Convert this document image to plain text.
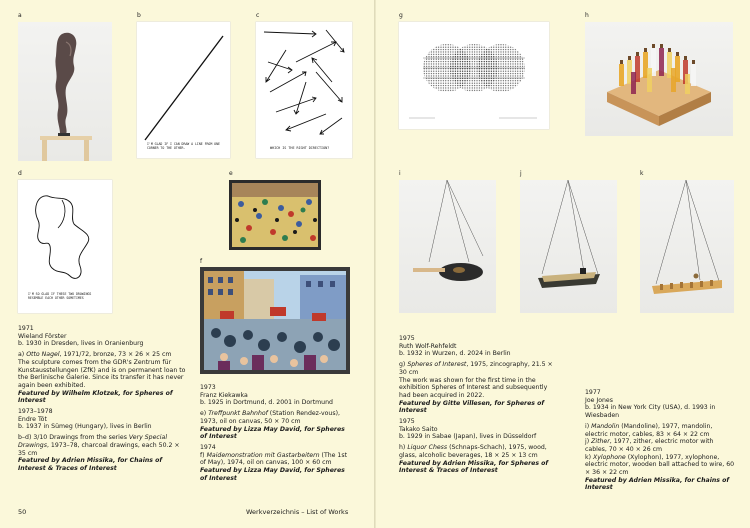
a	b	c
d	e
f
I'M GLAD IF I CAN DRAW A LINE FROM ONE CORNER TO THE OTHER.	WHICH IS THE RIGHT DIRECTION?
I'M SO GLAD IF THESE TWO DRAWINGS RESEMBLE EACH OTHER SOMETIMES

1971

Wieland Förster

b. 1930 in Dresden, lives in Oranienburg

a) Otto Nagel, 1971/72, bronze, 73 × 26 × 25 cm

The sculpture comes from the GDR's Zentrum für Kunstausstellungen (ZfK) and is on permanent loan to the Berlinische Galerie. Since its transfer it has never again been exhibited.

Featured by Wilhelm Klotzek, for Spheres of Interest

1973–1978

Endre Tót

b. 1937 in Sümeg (Hungary), lives in Berlin

b–d) 3/10 Drawings from the series Very Special Drawings, 1973–78, charcoal drawings, each 50.2 × 35 cm

Featured by Adrien Missika, for Chains of Interest & Traces of Interest

1973

Franz Kiekawka

b. 1925 in Dortmund, d. 2001 in Dortmund

e) Treffpunkt Bahnhof (Station Rendez-vous), 1973, oil on canvas, 50 × 70 cm

Featured by Lizza May David, for Spheres of Interest

1974

f) Maidemonstration mit Gastarbeitern (The 1st of May), 1974, oil on canvas, 100 × 60 cm

Featured by Lizza May David, for Spheres of Interest

50	Werkverzeichnis – List of Works
g	h
i	j	k

1975

Ruth Wolf-Rehfeldt

b. 1932 in Wurzen, d. 2024 in Berlin

g) Spheres of Interest, 1975, zincography, 21.5 × 30 cm

The work was shown for the first time in the exhibition Spheres of Interest and subsequently had been acquired in 2022.

Featured by Gitte Villesen, for Spheres of Interest

1975

Takako Saito

b. 1929 in Sabae (Japan), lives in Düsseldorf

h) Liquor Chess (Schnaps-Schach), 1975, wood, glass, alcoholic beverages, 18 × 25 × 13 cm

Featured by Adrien Missika, for Spheres of Interest & Traces of Interest

1977

Joe Jones

b. 1934 in New York City (USA), d. 1993 in Wiesbaden

i) Mandolin (Mandoline), 1977, mandolin, electric motor, cables, 83 × 64 × 22 cm

j) Zither, 1977, zither, electric motor with cables, 70 × 40 × 26 cm

k) Xylophone (Xylophon), 1977, xylophone, electric motor, wooden ball attached to wire, 60 × 36 × 22 cm

Featured by Adrien Missika, for Chains of Interest
